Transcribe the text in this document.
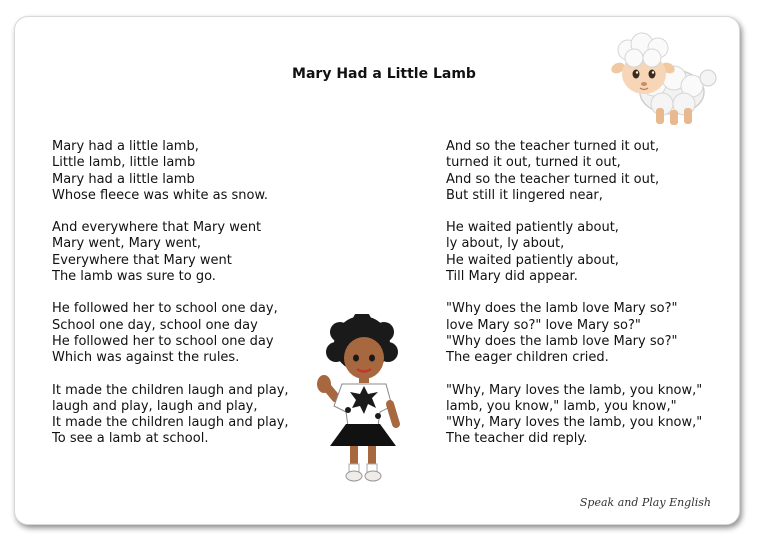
Mary Had a Little Lamb
Mary had a little lamb,
Little lamb, little lamb
Mary had a little lamb
Whose fleece was white as snow.
And everywhere that Mary went
Mary went, Mary went,
Everywhere that Mary went
The lamb was sure to go.
He followed her to school one day,
School one day, school one day
He followed her to school one day
Which was against the rules.
It made the children laugh and play,
laugh and play, laugh and play,
It made the children laugh and play,
To see a lamb at school.
And so the teacher turned it out,
turned it out, turned it out,
And so the teacher turned it out,
But still it lingered near,
He waited patiently about,
ly about, ly about,
He waited patiently about,
Till Mary did appear.
"Why does the lamb love Mary so?"
love Mary so?" love Mary so?"
"Why does the lamb love Mary so?"
The eager children cried.
"Why, Mary loves the lamb, you know,"
lamb, you know," lamb, you know,"
"Why, Mary loves the lamb, you know,"
The teacher did reply.
Speak and Play English
